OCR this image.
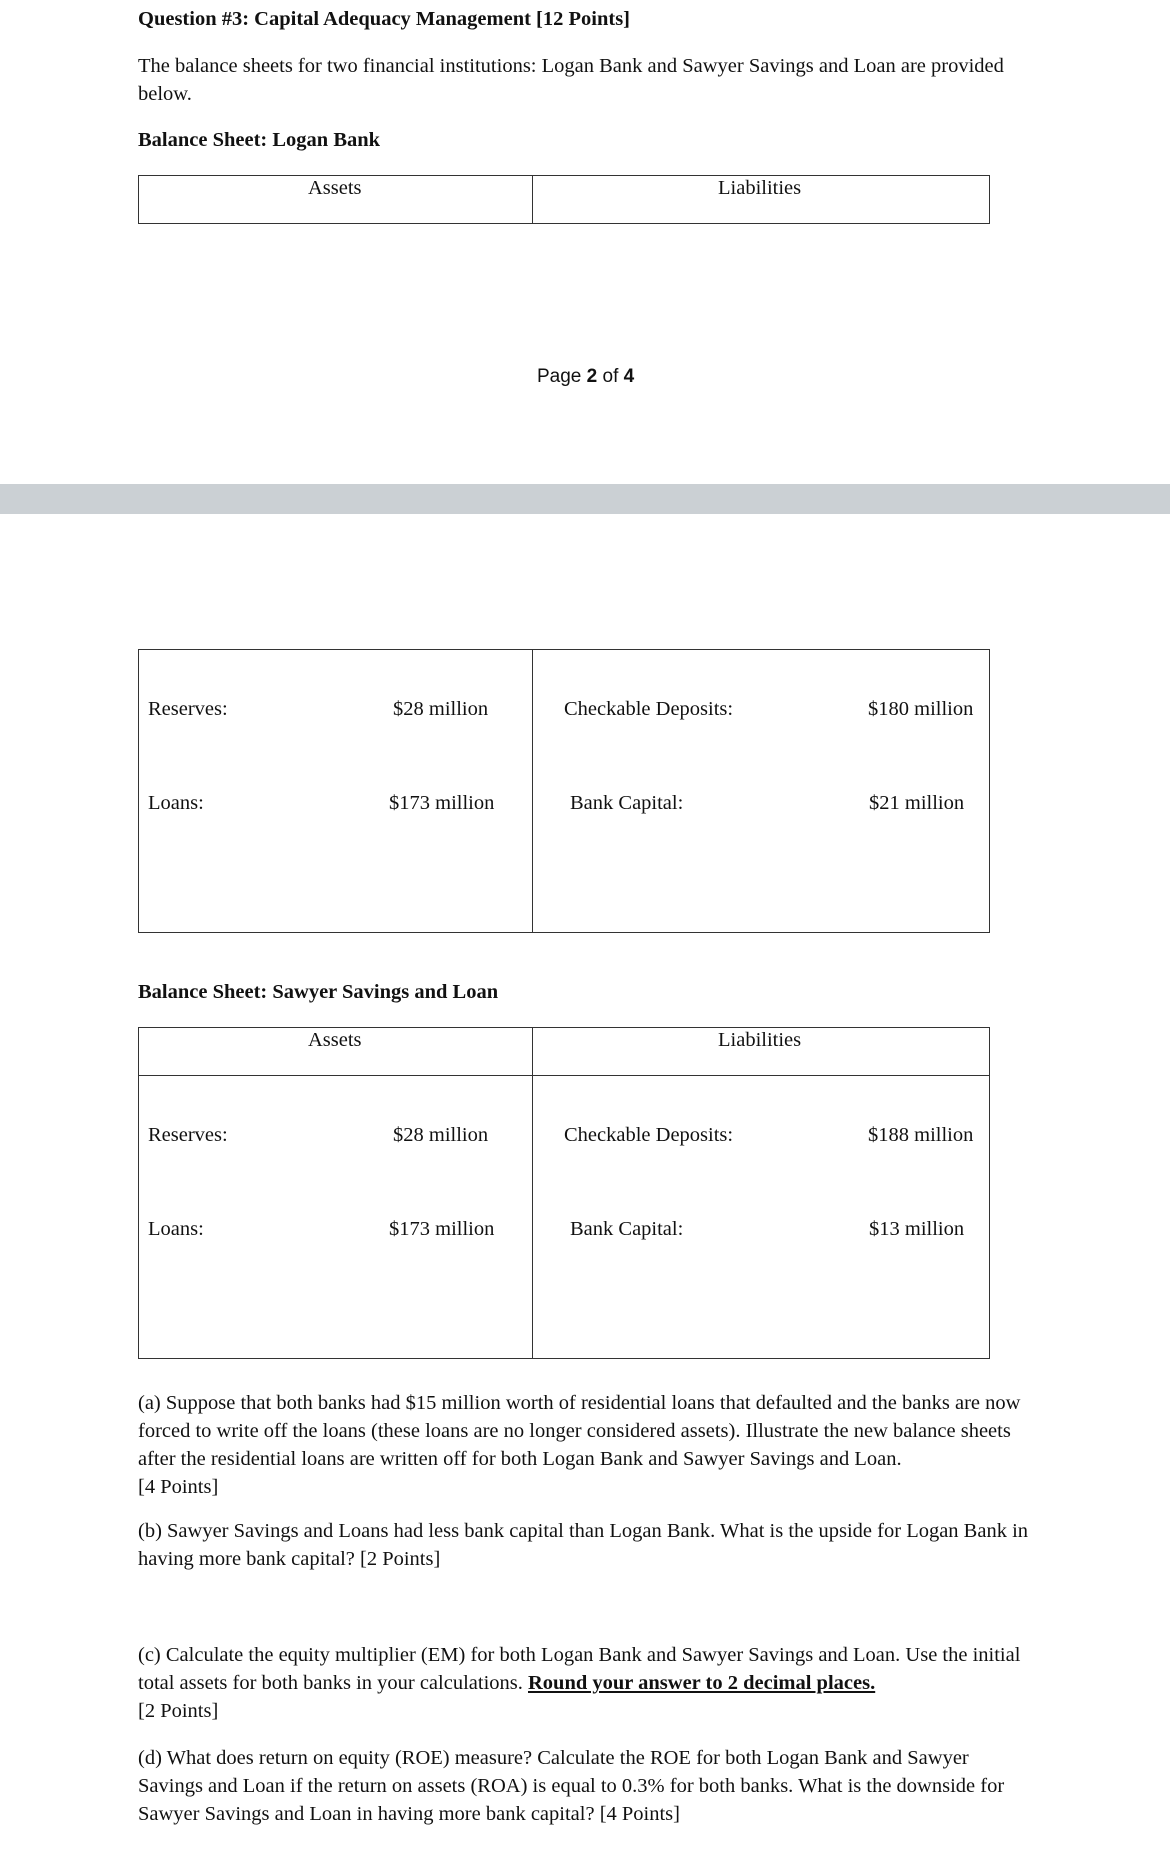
Question #3: Capital Adequacy Management [12 Points]
The balance sheets for two financial institutions: Logan Bank and Sawyer Savings and Loan are provided below.
Balance Sheet: Logan Bank
Assets	Liabilities
Page 2 of 4
Reserves:	$28 million	Checkable Deposits:	$180 million
Loans:	$173 million	Bank Capital:	$21 million
Balance Sheet: Sawyer Savings and Loan
Assets	Liabilities
Reserves:	$28 million	Checkable Deposits:	$188 million
Loans:	$173 million	Bank Capital:	$13 million
(a) Suppose that both banks had $15 million worth of residential loans that defaulted and the banks are now forced to write off the loans (these loans are no longer considered assets). Illustrate the new balance sheets after the residential loans are written off for both Logan Bank and Sawyer Savings and Loan.
[4 Points]
(b) Sawyer Savings and Loans had less bank capital than Logan Bank. What is the upside for Logan Bank in having more bank capital? [2 Points]
(c) Calculate the equity multiplier (EM) for both Logan Bank and Sawyer Savings and Loan. Use the initial total assets for both banks in your calculations. Round your answer to 2 decimal places.
[2 Points]
(d) What does return on equity (ROE) measure? Calculate the ROE for both Logan Bank and Sawyer Savings and Loan if the return on assets (ROA) is equal to 0.3% for both banks. What is the downside for Sawyer Savings and Loan in having more bank capital? [4 Points]
